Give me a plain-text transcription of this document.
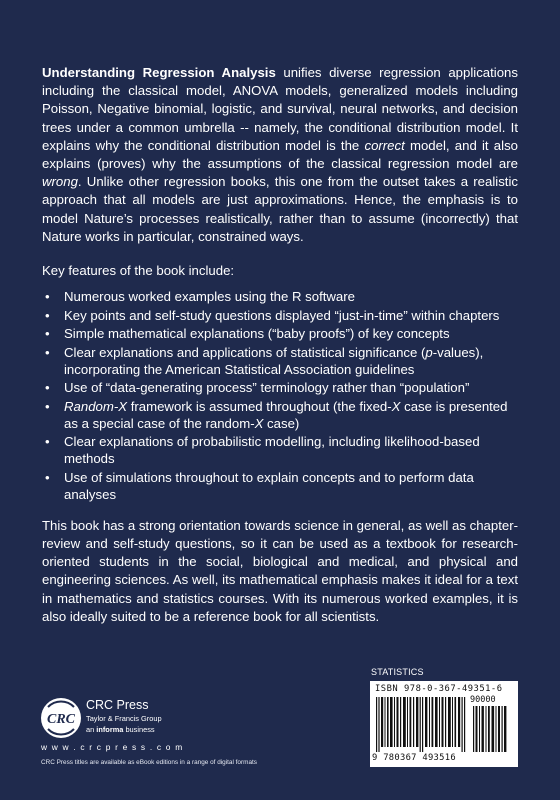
Understanding Regression Analysis unifies diverse regression applications including the classical model, ANOVA models, generalized models including Poisson, Negative binomial, logistic, and survival, neural networks, and decision trees under a common umbrella -- namely, the conditional distribution model. It explains why the conditional distribution model is the correct model, and it also explains (proves) why the assumptions of the classical regression model are wrong. Unlike other regression books, this one from the outset takes a realistic approach that all models are just approximations. Hence, the emphasis is to model Nature’s processes realistically, rather than to assume (incorrectly) that Nature works in particular, constrained ways.

Key features of the book include:

• Numerous worked examples using the R software
• Key points and self-study questions displayed “just-in-time” within chapters
• Simple mathematical explanations (“baby proofs”) of key concepts
• Clear explanations and applications of statistical significance (p-values), incorporating the American Statistical Association guidelines
• Use of “data-generating process” terminology rather than “population”
• Random-X framework is assumed throughout (the fixed-X case is presented as a special case of the random-X case)
• Clear explanations of probabilistic modelling, including likelihood-based methods
• Use of simulations throughout to explain concepts and to perform data analyses

This book has a strong orientation towards science in general, as well as chapter-review and self-study questions, so it can be used as a textbook for research-oriented students in the social, biological and medical, and physical and engineering sciences. As well, its mathematical emphasis makes it ideal for a text in mathematics and statistics courses. With its numerous worked examples, it is also ideally suited to be a reference book for all scientists.

STATISTICS
ISBN 978-0-367-49351-6
90000
9 780367 493516
CRC
CRC Press
Taylor & Francis Group
an informa business
w w w . c r c p r e s s . c o m
CRC Press titles are available as eBook editions in a range of digital formats
